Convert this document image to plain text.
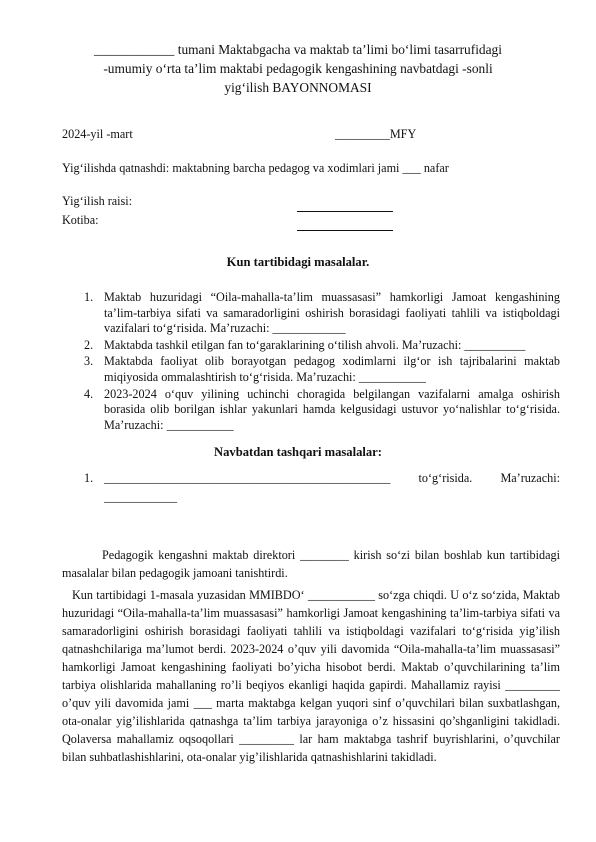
____________ tumani Maktabgacha va maktab ta’limi bo‘limi tasarrufidagi
-umumiy o‘rta ta’lim maktabi pedagogik kengashining navbatdagi -sonli
yig‘ilish BAYONNOMASI
2024-yil -mart	_________MFY
Yig‘ilishda qatnashdi: maktabning barcha pedagog va xodimlari jami ___ nafar
Yig‘ilish raisi:
Kotiba:
Kun tartibidagi masalalar.
1. Maktab huzuridagi “Oila-mahalla-ta’lim muassasasi” hamkorligi Jamoat kengashining ta’lim-tarbiya sifati va samaradorligini oshirish borasidagi faoliyati tahlili va istiqboldagi vazifalari to‘g‘risida. Ma’ruzachi: ____________
2. Maktabda tashkil etilgan fan to‘garaklarining o‘tilish ahvoli. Ma’ruzachi: __________
3. Maktabda faoliyat olib borayotgan pedagog xodimlarni ilg‘or ish tajribalarini maktab miqiyosida ommalashtirish to‘g‘risida. Ma’ruzachi: ___________
4. 2023-2024 o‘quv yilining uchinchi choragida belgilangan vazifalarni amalga oshirish borasida olib borilgan ishlar yakunlari hamda kelgusidagi ustuvor yo‘nalishlar to‘g‘risida. Ma’ruzachi: ___________
Navbatdan tashqari masalalar:
1. _______________________________________________ to‘g‘risida. Ma’ruzachi: ____________

Pedagogik kengashni maktab direktori ________ kirish so‘zi bilan boshlab kun tartibidagi masalalar bilan pedagogik jamoani tanishtirdi.

Kun tartibidagi 1-masala yuzasidan MMIBDO‘ ___________ so‘zga chiqdi. U o‘z so‘zida, Maktab huzuridagi “Oila-mahalla-ta’lim muassasasi” hamkorligi Jamoat kengashining ta’lim-tarbiya sifati va samaradorligini oshirish borasidagi faoliyati tahlili va istiqboldagi vazifalari to‘g‘risida yig’ilish qatnashchilariga ma’lumot berdi. 2023-2024 o’quv yili davomida “Oila-mahalla-ta’lim muassasasi” hamkorligi Jamoat kengashining faoliyati bo’yicha hisobot berdi. Maktab o’quvchilarining ta’lim tarbiya olishlarida mahallaning ro’li beqiyos ekanligi haqida gapirdi. Mahallamiz rayisi _________ o’quv yili davomida jami ___ marta maktabga kelgan yuqori sinf o’quvchilari bilan suxbatlashgan, ota-onalar yig’ilishlarida qatnashga ta’lim tarbiya jarayoniga o’z hissasini qo’shganligini takidladi. Qolaversa mahallamiz oqsoqollari _________ lar ham maktabga tashrif buyrishlarini, o’quvchilar bilan suhbatlashishlarini, ota-onalar yig’ilishlarida qatnashishlarini takidladi.
